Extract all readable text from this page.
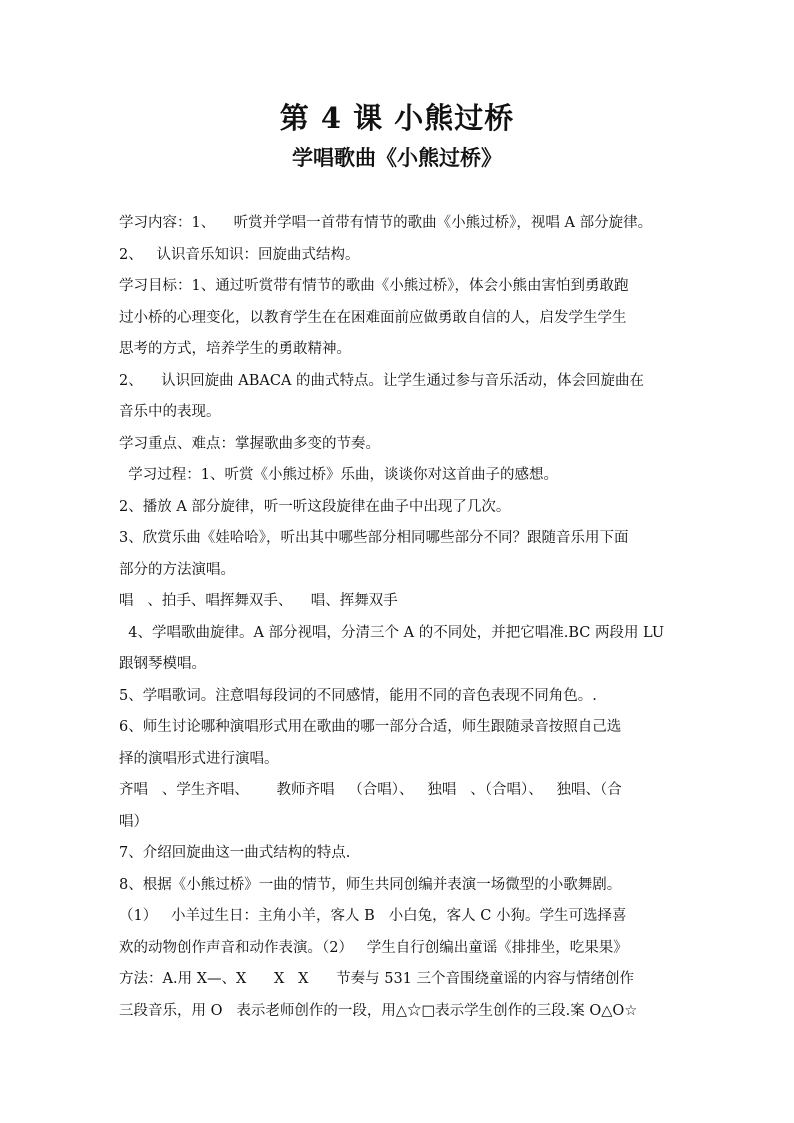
第 4 课 小熊过桥
学唱歌曲《小熊过桥》
学习内容：1、    听赏并学唱一首带有情节的歌曲《小熊过桥》，视唱 A 部分旋律。
2、   认识音乐知识：回旋曲式结构。
学习目标：1、通过听赏带有情节的歌曲《小熊过桥》，体会小熊由害怕到勇敢跑
过小桥的心理变化，以教育学生在在困难面前应做勇敢自信的人，启发学生学生
思考的方式，培养学生的勇敢精神。
2、    认识回旋曲 ABACA 的曲式特点。让学生通过参与音乐活动，体会回旋曲在
音乐中的表现。
学习重点、难点：掌握歌曲多变的节奏。
学习过程：1、听赏《小熊过桥》乐曲，谈谈你对这首曲子的感想。
2、播放 A 部分旋律，听一听这段旋律在曲子中出现了几次。
3、欣赏乐曲《娃哈哈》，听出其中哪些部分相同哪些部分不同？跟随音乐用下面
部分的方法演唱。
唱   、拍手、唱挥舞双手、    唱、挥舞双手
4、学唱歌曲旋律。A 部分视唱，分清三个 A 的不同处，并把它唱准.BC 两段用 LU
跟钢琴模唱。
5、学唱歌词。注意唱每段词的不同感情，能用不同的音色表现不同角色。.
6、师生讨论哪种演唱形式用在歌曲的哪一部分合适，师生跟随录音按照自己选
择的演唱形式进行演唱。
齐唱   、学生齐唱、      教师齐唱   （合唱）、   独唱   、（合唱）、   独唱、（合
唱）
7、介绍回旋曲这一曲式结构的特点.
8、根据《小熊过桥》一曲的情节，师生共同创编并表演一场微型的小歌舞剧。
（1）   小羊过生日：主角小羊，客人 B   小白兔，客人 C 小狗。学生可选择喜
欢的动物创作声音和动作表演。（2）   学生自行创编出童谣《排排坐，吃果果》
方法：A.用 X—、X      X   X      节奏与 531 三个音围绕童谣的内容与情绪创作
三段音乐，用 O   表示老师创作的一段，用△☆□表示学生创作的三段.案 O△O☆
